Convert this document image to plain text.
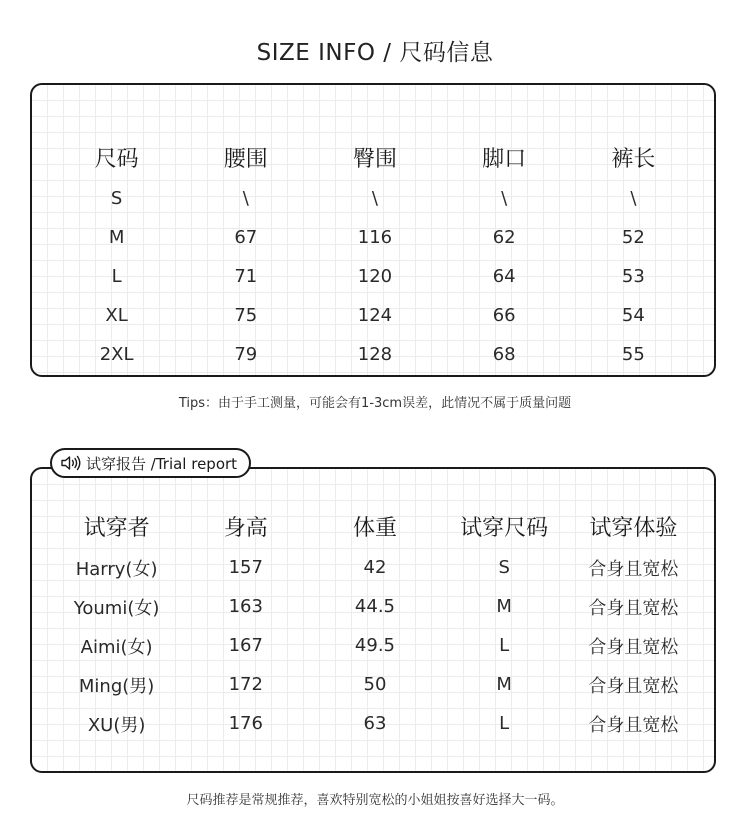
SIZE INFO / 尺码信息
尺码	腰围	臀围	脚口	裤长
S	\	\	\	\
M	67	116	62	52
L	71	120	64	53
XL	75	124	66	54
2XL	79	128	68	55
Tips：由于手工测量，可能会有1-3cm误差，此情况不属于质量问题
试穿者	身高	体重	试穿尺码	试穿体验
Harry(女)	157	42	S	合身且宽松
Youmi(女)	163	44.5	M	合身且宽松
Aimi(女)	167	49.5	L	合身且宽松
Ming(男)	172	50	M	合身且宽松
XU(男)	176	63	L	合身且宽松
试穿报告 /Trial report
尺码推荐是常规推荐，喜欢特别宽松的小姐姐按喜好选择大一码。
